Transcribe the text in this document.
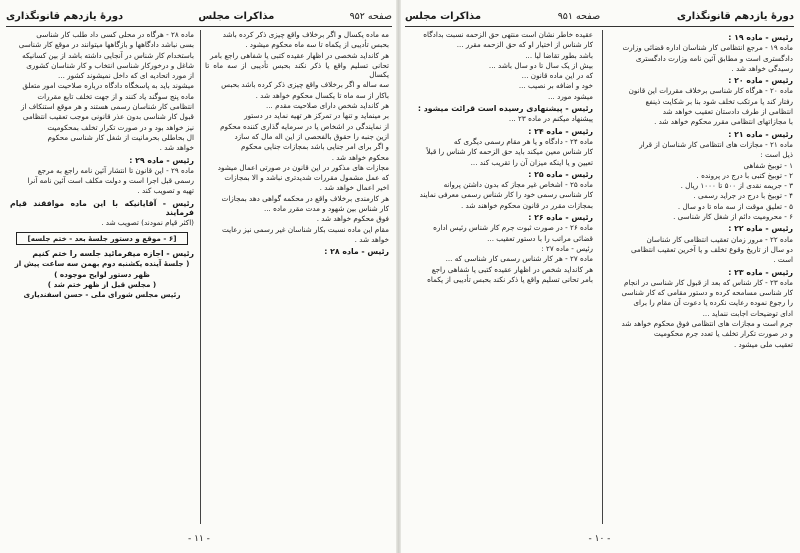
صفحه ۹۵۲
مذاکرات مجلس
دورهٔ یازدهم قانونگذاری

مه ماده یکسال و اگر برخلاف واقع چیزی ذکر کرده باشد

بحبس تأدیبی از یکماه تا سه ماه محکوم میشود .

هر کانداید شخصی در اظهار عقیده کتبی یا شفاهی راجع بامر

تحانی تسلیم واقع یا ذکر نکند بحبس تأدیبی از سه ماه تا یکسال

سه ساله و اگر برخلاف واقع چیزی ذکر کرده باشد بحبس

باکار از سه ماه تا یکسال محکوم خواهد شد .

هر کانداید شخص دارای صلاحیت مقدم ...

بر مینماید و تنها در تمرکز هر تهیه نماید در دستور

از نمایندگی در اشخاص یا در سرمایه گذاری کننده محکوم

ازین جنبه را حقوق بالفحصی از این اله مال که سازد

و اگر برای امر جنایی باشد بمجازات جنایی محکوم

محکوم خواهد شد .

مجازات های مذکور در این قانون در صورتی اعمال میشود

که عمل مشمول مقررات شدیدتری نباشد و الا بمجازات

اخیر اعمال خواهد شد .

هر کارمندی برخلاف واقع در محکمه گواهی دهد بمجازات

کار شناس بین شهود و مدت مقرر ماده ...

فوق محکوم خواهد شد .

مقام این ماده نسبت بکار شناسان غیر رسمی نیز رعایت

خواهد شد .

رئیس - ماده ۲۸ :

ماده ۲۸ - هرگاه در محلی کسی داد طلب کار شناسی

بسی نباشد دادگاهها و بازگاهها میتوانند در موقع کار شناسی

باستخدام کار شناس در آنجایی داشته باشد از بین کسانیکه

شاغل و درخورکار شناسی انتخاب و کار شناسان کشوری

از مورد اتحادیه ای که داخل نمیشوند کشور ...

میشوند باید به پاسخگاه دادگاه درباره صلاحیت امور متعلق

ماده پنج سوگند یاد کنند و از جهت تخلف تابع مقررات

انتظامی کار شناسان رسمی هستند و هر موقع استنکاف از

قبول کار شناسی بدون عذر قانونی موجب تعقیب انتظامی

نیز خواهد بود و در صورت تکرار تخلف بمحکومیت

ال بحاطلی بحرمانیت از شغل کار شناسی محکوم

خواهد شد .

رئیس - ماده ۲۹ :

ماده ۲۹ - این قانون تا انتشار آئین نامه راجع به مرجع

رسمی قبل اجرا است و دولت مکلف است آئین نامه آنرا

تهیه و تصویب کند .

رئیس - آقایانیکه با این ماده موافقند قیام فرمایند

(اکثر قیام نمودند) تصویب شد .

[۶ - موقع و دستور جلسهٔ بعد - ختم جلسه]

رئیس - اجازه میفرمائید جلسه را ختم کنیم

( جلسهٔ آینده یکشنبه دوم بهمن سه ساعت پیش از

ظهر دستور لوایح موجوده )

( مجلس قبل از ظهر ختم شد )

رئیس مجلس شورای ملی - حسن اسفندیاری

- ۱۱ -
دورهٔ یازدهم قانونگذاری
صفحه ۹۵۱
مذاکرات مجلس

رئیس - ماده ۱۹ :

ماده ۱۹ - مرجع انتظامی کار شناسان اداره قضائی وزارت

دادگستری است و مطابق آئین نامه وزارت دادگستری

رسیدگی خواهد شد .

رئیس - ماده ۲۰ :

ماده ۲۰ - هرگاه کار شناسی برخلاف مقررات این قانون

رفتار کند یا مرتکب تخلف شود بنا بر شکایت ذینفع

انتظامی از طرف دادستان تعقیب خواهد شد

با مجازاتهای انتظامی مقرر محکوم خواهد شد .

رئیس - ماده ۲۱ :

ماده ۲۱ - مجازات های انتظامی کار شناسان از قرار

ذیل است :

۱ - توبیخ شفاهی

۲ - توبیخ کتبی با درج در پرونده .

۳ - جریمه نقدی از ۵۰۰ تا ۱۰۰۰ ریال .

۴ - توبیخ با درج در جراید رسمی .

۵ - تعلیق موقت از سه ماه تا دو سال .

۶ - محرومیت دائم از شغل کار شناسی .

رئیس - ماده ۲۲ :

ماده ۲۲ - مرور زمان تعقیب انتظامی کار شناسان

دو سال از تاریخ وقوع تخلف و یا آخرین تعقیب انتظامی

است .

رئیس - ماده ۲۳ :

ماده ۲۳ - کار شناس که بعد از قبول کار شناسی در انجام

کار شناسی مسامحه کرده و دستور مقامی که کار شناسی

را رجوع نموده رعایت نکرده یا دعوت آن مقام را برای

ادای توضیحات اجابت ننماید ...

جرم است و مجازات های انتظامی فوق محکوم خواهد شد

و در صورت تکرار تخلف یا تعدد جرم محکومیت

تعقیب ملی میشود .

عقیده خاطر نشان است منتهی حق الزحمه نسبت بدادگاه

کار شناس از اختیار او که حق الزحمه مقرر ...

باشد بطور تقاضا لیا ...

بیش از یک سال تا دو سال باشد ...

که در این ماده قانون ...

خود و اضافه بر نصیب ...

میشود مورد ...

رئیس - پیشنهادی رسیده است قرائت میشود :

پیشنهاد میکنم در ماده ۲۳ ...

رئیس - ماده ۲۴ :

ماده ۲۴ - دادگاه و یا هر مقام رسمی دیگری که

کار شناس معین میکند باید حق الزحمه کار شناس را قبلاً

تعیین و یا اینکه میزان آن را تقریب کند ...

رئیس - ماده ۲۵ :

ماده ۲۵ - اشخاص غیر مجاز که بدون داشتن پروانه

کار شناسی رسمی خود را کار شناس رسمی معرفی نمایند

بمجازات مقرر در قانون محکوم خواهند شد .

رئیس - ماده ۲۶ :

ماده ۲۶ - در صورت ثبوت جرم کار شناس رئیس اداره

قضائی مراتب را با دستور تعقیب ...

رئیس - ماده ۲۷ :

ماده ۲۷ - هر کار شناس رسمی کار شناسی که ...

هر کانداید شخص در اظهار عقیده کتبی یا شفاهی راجع

بامر تحانی تسلیم واقع یا ذکر نکند بحبس تأدیبی از یکماه

- ۱۰ -
